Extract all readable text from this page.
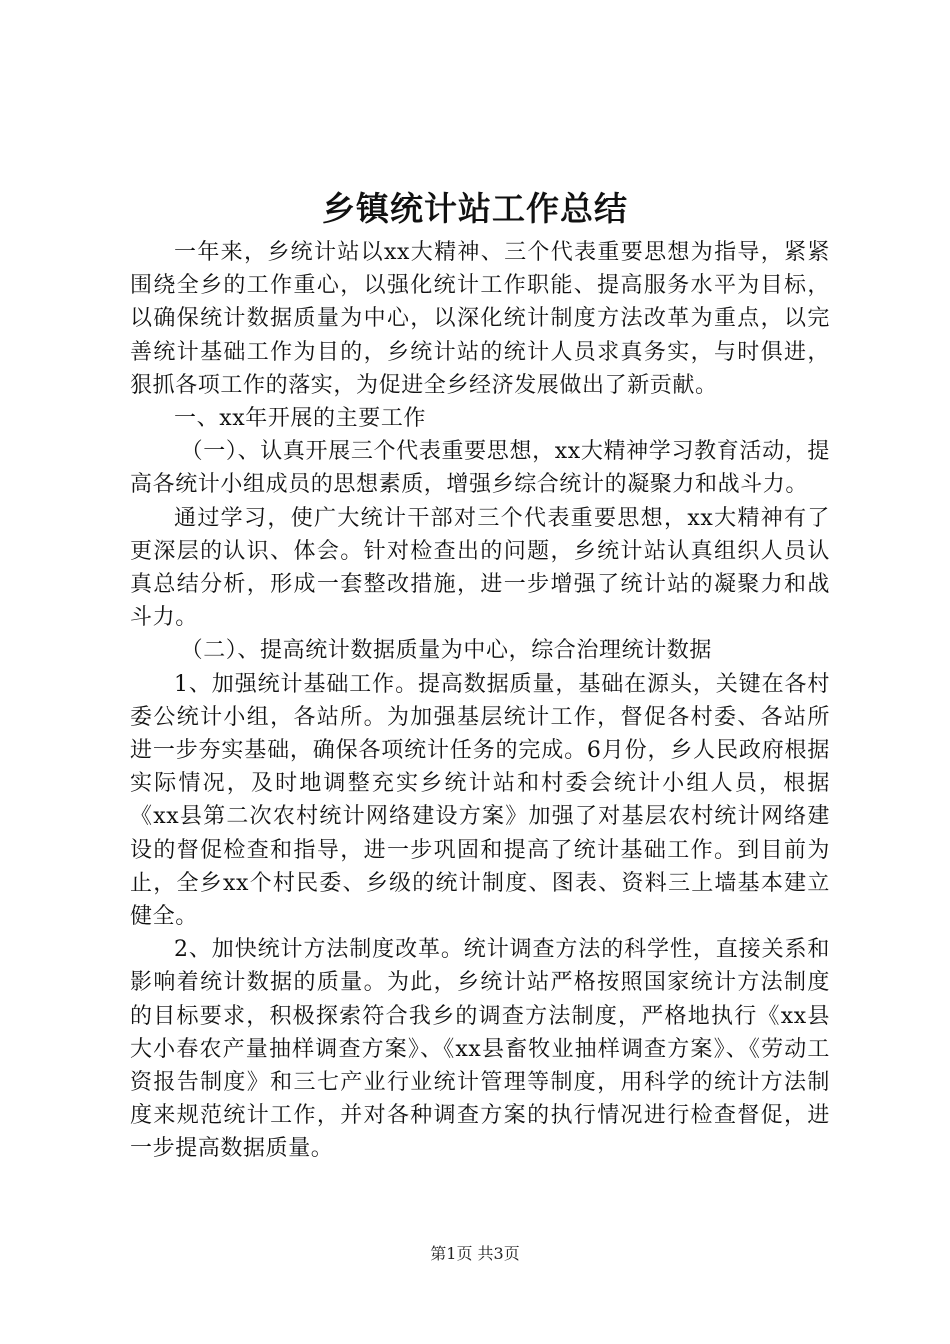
乡镇统计站工作总结

一年来，乡统计站以xx大精神、三个代表重要思想为指导，紧紧围绕全乡的工作重心，以强化统计工作职能、提高服务水平为目标，以确保统计数据质量为中心，以深化统计制度方法改革为重点，以完善统计基础工作为目的，乡统计站的统计人员求真务实，与时俱进，狠抓各项工作的落实，为促进全乡经济发展做出了新贡献。

一、xx年开展的主要工作

（一）、认真开展三个代表重要思想，xx大精神学习教育活动，提高各统计小组成员的思想素质，增强乡综合统计的凝聚力和战斗力。

通过学习，使广大统计干部对三个代表重要思想，xx大精神有了更深层的认识、体会。针对检查出的问题，乡统计站认真组织人员认真总结分析，形成一套整改措施，进一步增强了统计站的凝聚力和战斗力。

（二）、提高统计数据质量为中心，综合治理统计数据

1、加强统计基础工作。提高数据质量，基础在源头，关键在各村委公统计小组，各站所。为加强基层统计工作，督促各村委、各站所进一步夯实基础，确保各项统计任务的完成。6月份，乡人民政府根据实际情况，及时地调整充实乡统计站和村委会统计小组人员，根据《xx县第二次农村统计网络建设方案》加强了对基层农村统计网络建设的督促检查和指导，进一步巩固和提高了统计基础工作。到目前为止，全乡xx个村民委、乡级的统计制度、图表、资料三上墙基本建立健全。

2、加快统计方法制度改革。统计调查方法的科学性，直接关系和影响着统计数据的质量。为此，乡统计站严格按照国家统计方法制度的目标要求，积极探索符合我乡的调查方法制度，严格地执行《xx县大小春农产量抽样调查方案》、《xx县畜牧业抽样调查方案》、《劳动工资报告制度》和三七产业行业统计管理等制度，用科学的统计方法制度来规范统计工作，并对各种调查方案的执行情况进行检查督促，进一步提高数据质量。

第1页 共3页
